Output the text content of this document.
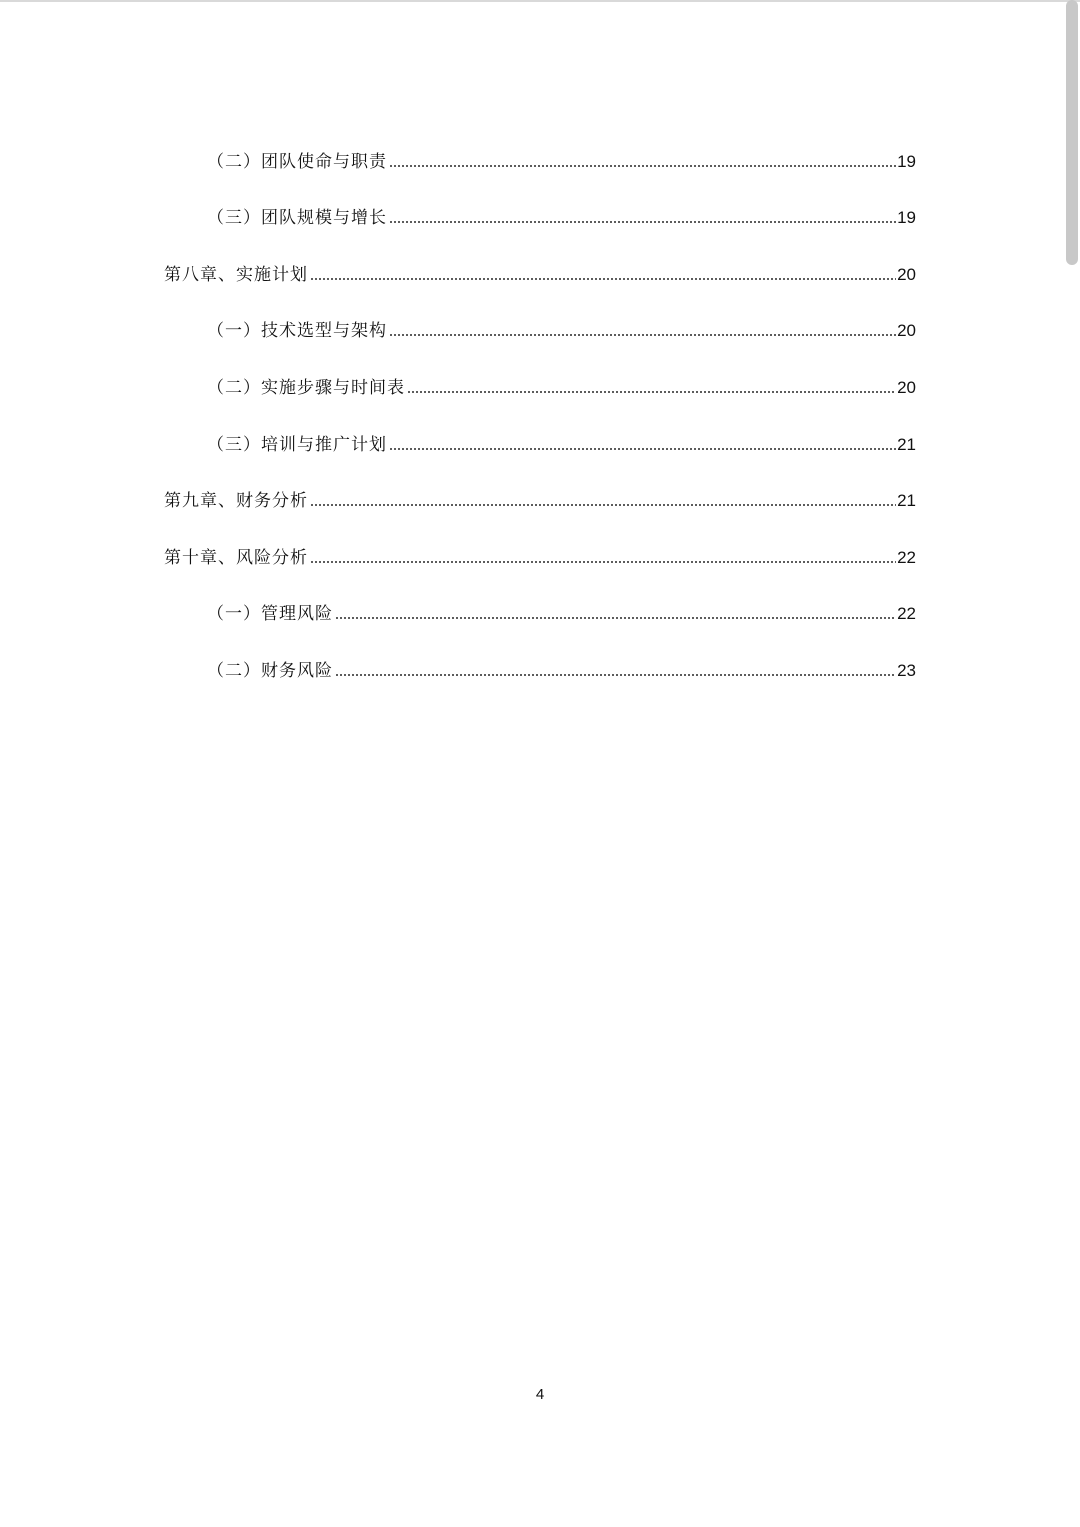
（二）团队使命与职责	19
（三）团队规模与增长	19
第八章、实施计划	20
（一）技术选型与架构	20
（二）实施步骤与时间表	20
（三）培训与推广计划	21
第九章、财务分析	21
第十章、风险分析	22
（一）管理风险	22
（二）财务风险	23
4
